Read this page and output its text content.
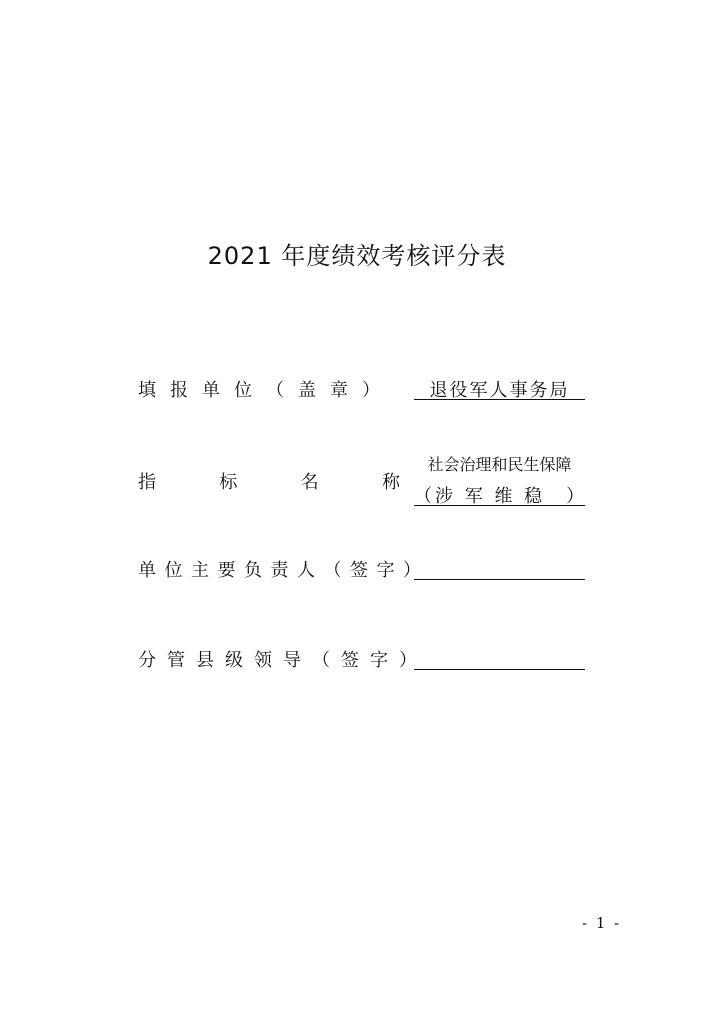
2021 年度绩效考核评分表
填报单位（盖章）	退役军人事务局
指	标	名	称
社会治理和民生保障
（涉 军 维 稳　）
单位主要负责人（签字）
分管县级领导（签字）
- 1 -
